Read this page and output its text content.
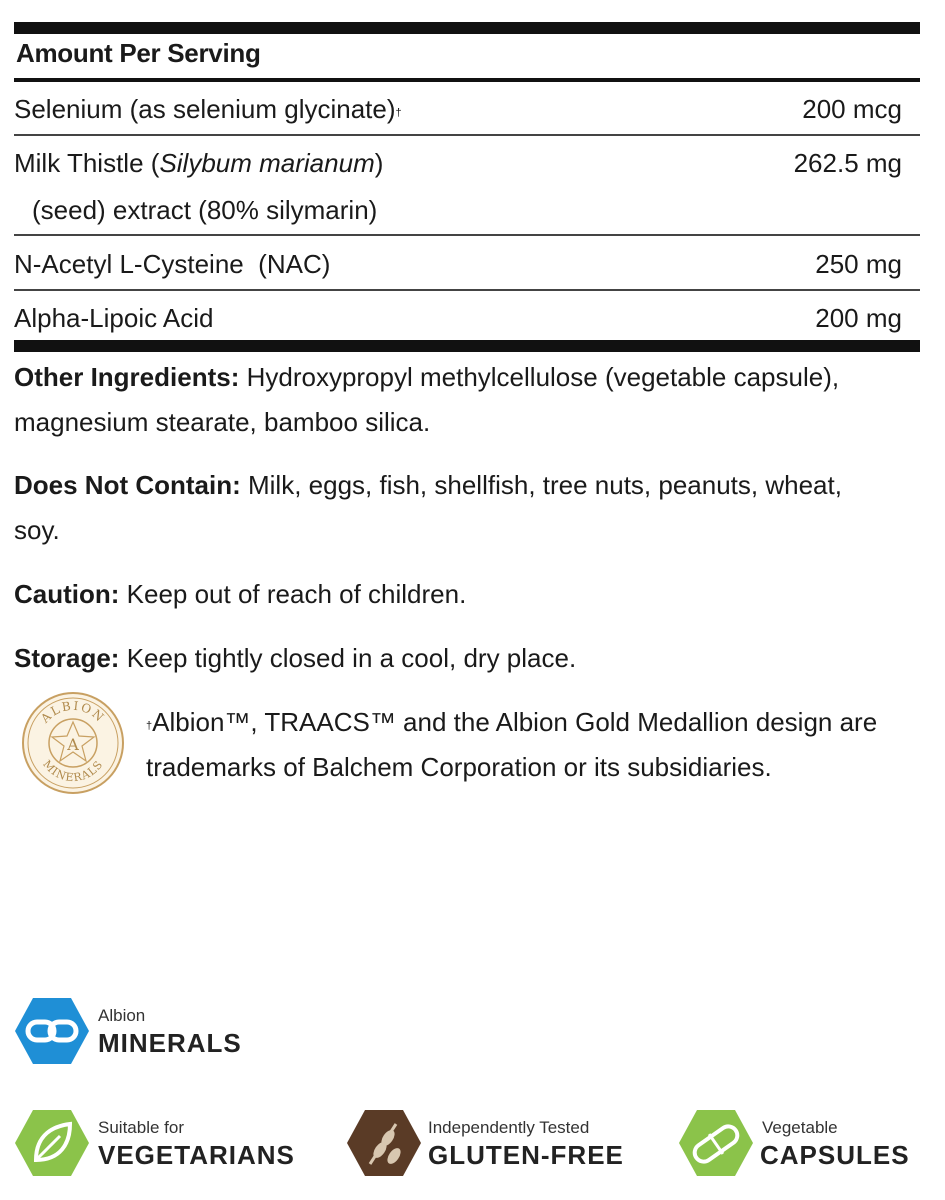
Amount Per Serving
Selenium (as selenium glycinate)†	200 mcg
Milk Thistle (Silybum marianum)	262.5 mg
(seed) extract (80% silymarin)
N-Acetyl L-Cysteine  (NAC)	250 mg
Alpha-Lipoic Acid	200 mg
Other Ingredients: Hydroxypropyl methylcellulose (vegetable capsule), magnesium stearate, bamboo silica.
Does Not Contain: Milk, eggs, fish, shellfish, tree nuts, peanuts, wheat, soy.
Caution: Keep out of reach of children.
Storage: Keep tightly closed in a cool, dry place.
A
ALBION
MINERALS
†Albion™, TRAACS™ and the Albion Gold Medallion design are trademarks of Balchem Corporation or its subsidiaries.
Albion
MINERALS
Suitable for
VEGETARIANS
Independently Tested
GLUTEN-FREE
Vegetable
CAPSULES
